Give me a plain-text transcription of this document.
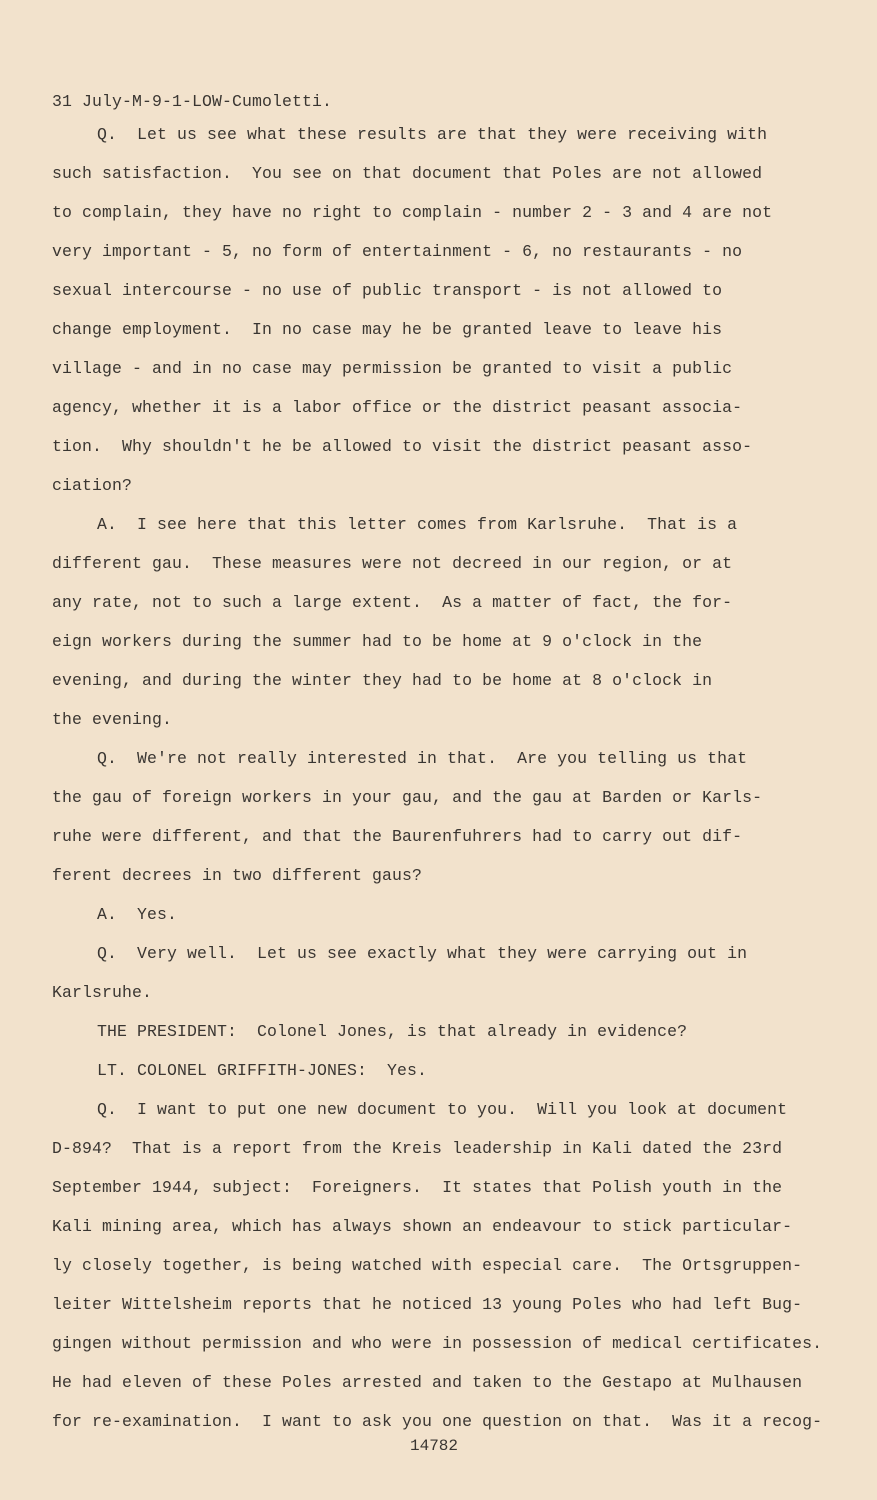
31 July-M-9-1-LOW-Cumoletti.
Q.  Let us see what these results are that they were receiving with
such satisfaction.  You see on that document that Poles are not allowed
to complain, they have no right to complain - number 2 - 3 and 4 are not
very important - 5, no form of entertainment - 6, no restaurants - no
sexual intercourse - no use of public transport - is not allowed to
change employment.  In no case may he be granted leave to leave his
village - and in no case may permission be granted to visit a public
agency, whether it is a labor office or the district peasant associa-
tion.  Why shouldn't he be allowed to visit the district peasant asso-
ciation?
A.  I see here that this letter comes from Karlsruhe.  That is a
different gau.  These measures were not decreed in our region, or at
any rate, not to such a large extent.  As a matter of fact, the for-
eign workers during the summer had to be home at 9 o'clock in the
evening, and during the winter they had to be home at 8 o'clock in
the evening.
Q.  We're not really interested in that.  Are you telling us that
the gau of foreign workers in your gau, and the gau at Barden or Karls-
ruhe were different, and that the Baurenfuhrers had to carry out dif-
ferent decrees in two different gaus?
A.  Yes.
Q.  Very well.  Let us see exactly what they were carrying out in
Karlsruhe.
THE PRESIDENT:  Colonel Jones, is that already in evidence?
LT. COLONEL GRIFFITH-JONES:  Yes.
Q.  I want to put one new document to you.  Will you look at document
D-894?  That is a report from the Kreis leadership in Kali dated the 23rd
September 1944, subject:  Foreigners.  It states that Polish youth in the
Kali mining area, which has always shown an endeavour to stick particular-
ly closely together, is being watched with especial care.  The Ortsgruppen-
leiter Wittelsheim reports that he noticed 13 young Poles who had left Bug-
gingen without permission and who were in possession of medical certificates.
He had eleven of these Poles arrested and taken to the Gestapo at Mulhausen
for re-examination.  I want to ask you one question on that.  Was it a recog-
14782
